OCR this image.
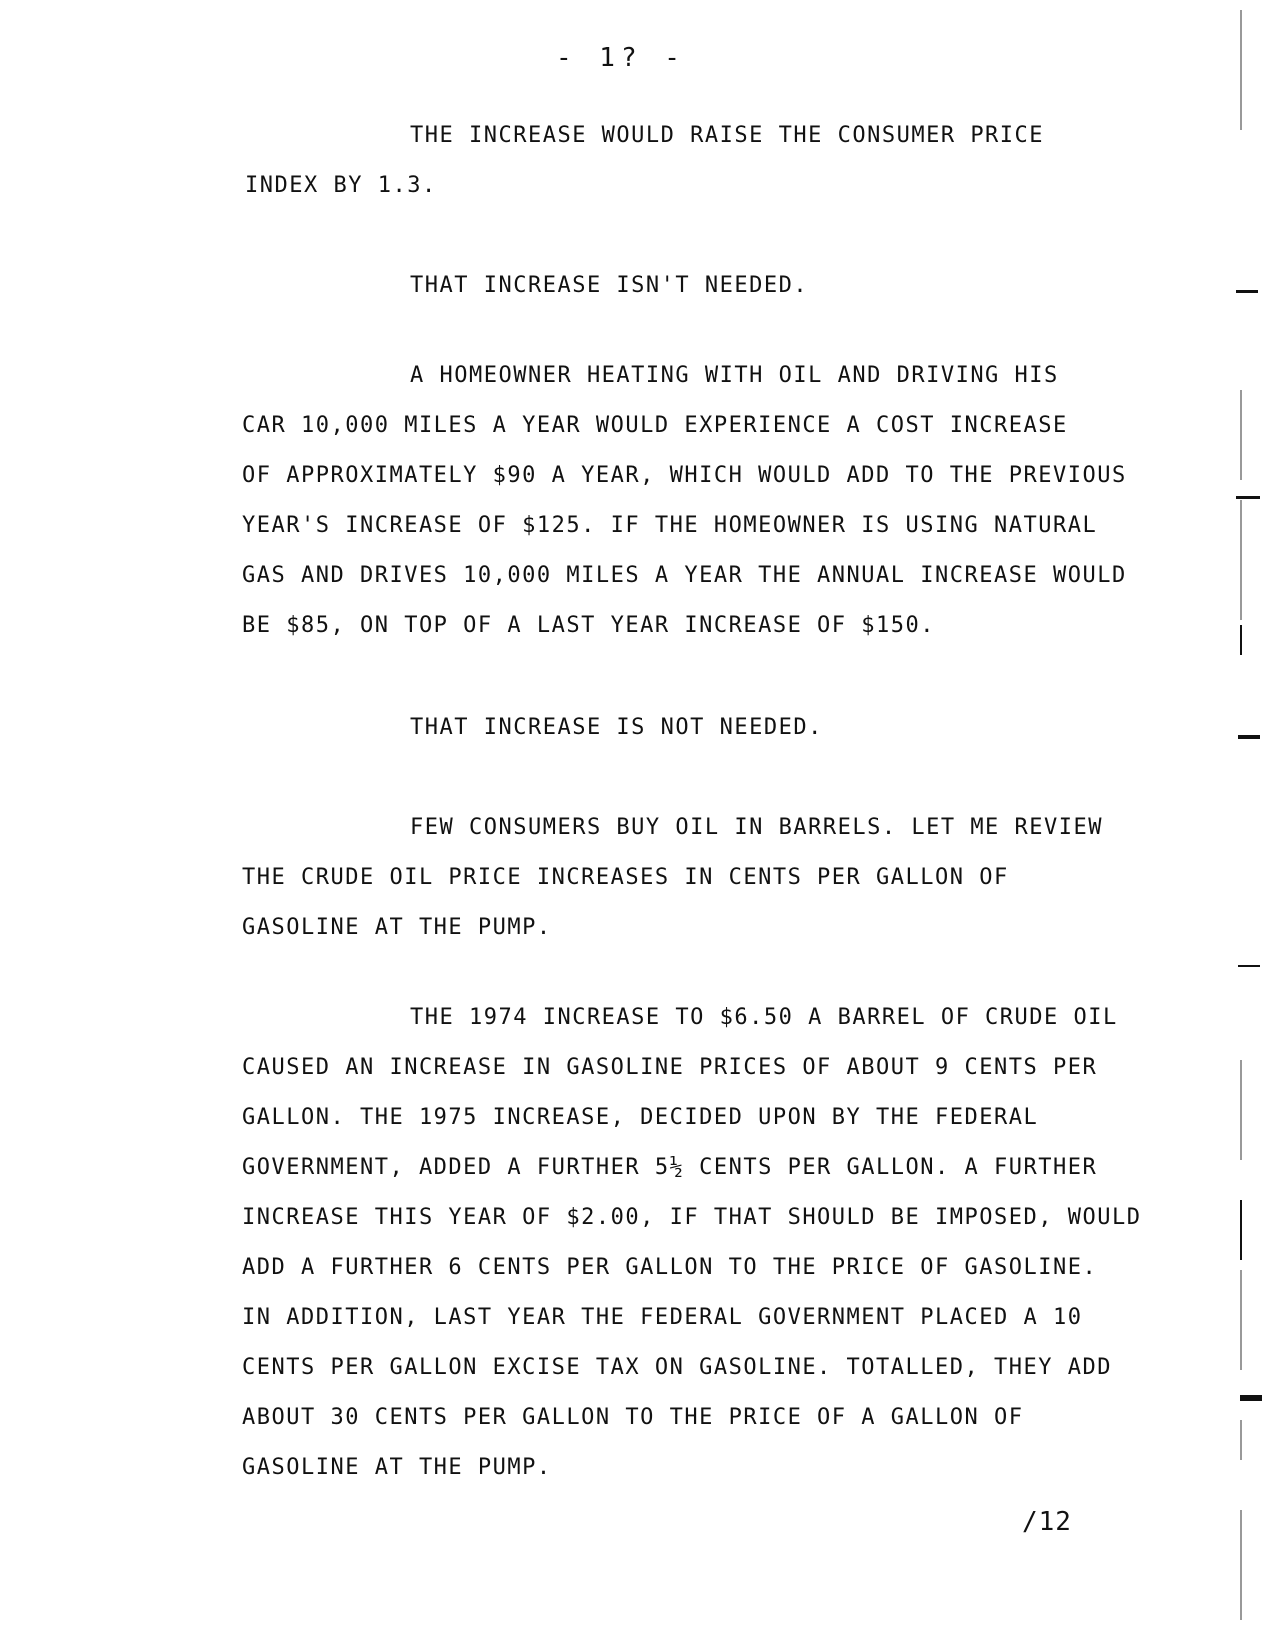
- 1? -
THE INCREASE WOULD RAISE THE CONSUMER PRICE
INDEX BY 1.3.
THAT INCREASE ISN'T NEEDED.
A HOMEOWNER HEATING WITH OIL AND DRIVING HIS
CAR 10,000 MILES A YEAR WOULD EXPERIENCE A COST INCREASE
OF APPROXIMATELY $90 A YEAR, WHICH WOULD ADD TO THE PREVIOUS
YEAR'S INCREASE OF $125. IF THE HOMEOWNER IS USING NATURAL
GAS AND DRIVES 10,000 MILES A YEAR THE ANNUAL INCREASE WOULD
BE $85, ON TOP OF A LAST YEAR INCREASE OF $150.
THAT INCREASE IS NOT NEEDED.
FEW CONSUMERS BUY OIL IN BARRELS. LET ME REVIEW
THE CRUDE OIL PRICE INCREASES IN CENTS PER GALLON OF
GASOLINE AT THE PUMP.
THE 1974 INCREASE TO $6.50 A BARREL OF CRUDE OIL
CAUSED AN INCREASE IN GASOLINE PRICES OF ABOUT 9 CENTS PER
GALLON. THE 1975 INCREASE, DECIDED UPON BY THE FEDERAL
GOVERNMENT, ADDED A FURTHER 5½ CENTS PER GALLON. A FURTHER
INCREASE THIS YEAR OF $2.00, IF THAT SHOULD BE IMPOSED, WOULD
ADD A FURTHER 6 CENTS PER GALLON TO THE PRICE OF GASOLINE.
IN ADDITION, LAST YEAR THE FEDERAL GOVERNMENT PLACED A 10
CENTS PER GALLON EXCISE TAX ON GASOLINE. TOTALLED, THEY ADD
ABOUT 30 CENTS PER GALLON TO THE PRICE OF A GALLON OF
GASOLINE AT THE PUMP.
/12
